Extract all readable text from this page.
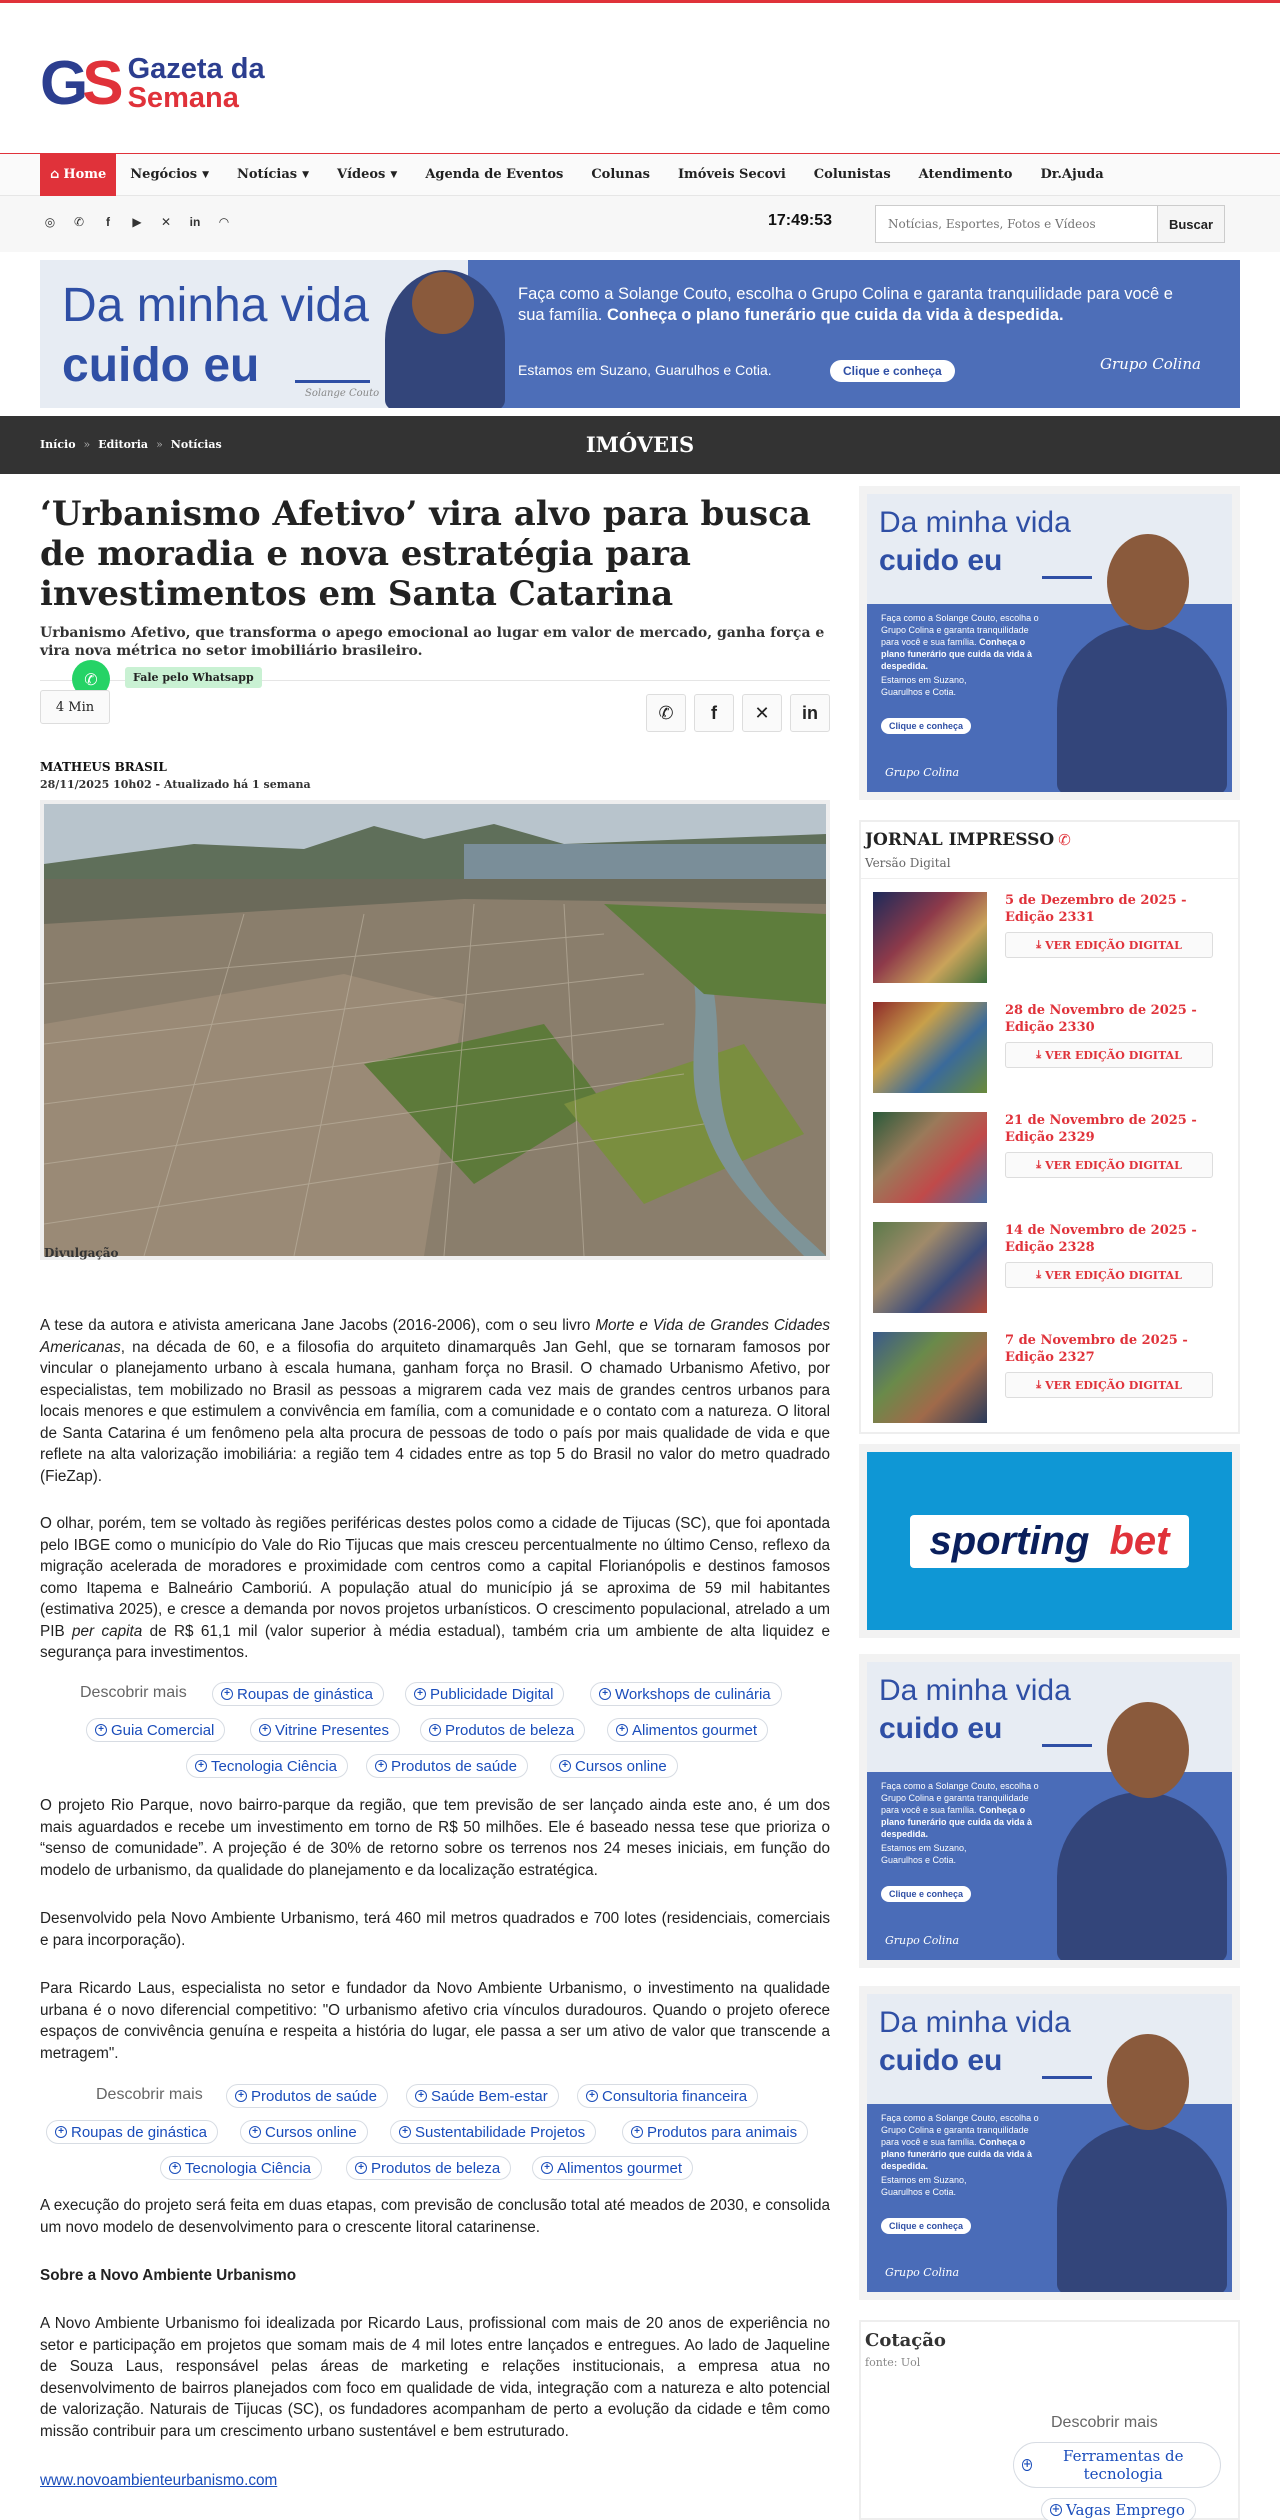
GS Gazeta da
Semana
⌂ Home Negócios ▼ Notícias ▼ Vídeos ▼	Agenda de Eventos	Colunas	Imóveis Secovi	Colunistas	Atendimento	Dr.Ajuda
◎ ✆	f	▶ ✕ in ◠	17:49:53
Notícias, Esportes, Fotos e Vídeos	Buscar
Da minha vida
cuido eu
Solange Couto
Faça como a Solange Couto, escolha o Grupo Colina e garanta tranquilidade para você e sua família. Conheça o plano funerário que cuida da vida à despedida.
Estamos em Suzano, Guarulhos e Cotia.	Clique e conheça	Grupo Colina
IMÓVEIS
Início » Editoria » Notícias
‘Urbanismo Afetivo’ vira alvo para busca de moradia e nova estratégia para investimentos em Santa Catarina
Urbanismo Afetivo, que transforma o apego emocional ao lugar em valor de mercado, ganha força e vira nova métrica no setor imobiliário brasileiro.
✆	Fale pelo Whatsapp
4 Min	✆	f	✕	in
MATHEUS BRASIL
28/11/2025 10h02 - Atualizado há 1 semana
Divulgação

A tese da autora e ativista americana Jane Jacobs (2016-2006), com o seu livro Morte e Vida de Grandes Cidades Americanas, na década de 60, e a filosofia do arquiteto dinamarquês Jan Gehl, que se tornaram famosos por vincular o planejamento urbano à escala humana, ganham força no Brasil. O chamado Urbanismo Afetivo, por especialistas, tem mobilizado no Brasil as pessoas a migrarem cada vez mais de grandes centros urbanos para locais menores e que estimulem a convivência em família, com a comunidade e o contato com a natureza. O litoral de Santa Catarina é um fenômeno pela alta procura de pessoas de todo o país por mais qualidade de vida e que reflete na alta valorização imobiliária: a região tem 4 cidades entre as top 5 do Brasil no valor do metro quadrado (FieZap).

O olhar, porém, tem se voltado às regiões periféricas destes polos como a cidade de Tijucas (SC), que foi apontada pelo IBGE como o município do Vale do Rio Tijucas que mais cresceu percentualmente no último Censo, reflexo da migração acelerada de moradores e proximidade com centros como a capital Florianópolis e destinos famosos como Itapema e Balneário Camboriú. A população atual do município já se aproxima de 59 mil habitantes (estimativa 2025), e cresce a demanda por novos projetos urbanísticos. O crescimento populacional, atrelado a um PIB per capita de R$ 61,1 mil (valor superior à média estadual), também cria um ambiente de alta liquidez e segurança para investimentos.

O projeto Rio Parque, novo bairro-parque da região, que tem previsão de ser lançado ainda este ano, é um dos mais aguardados e recebe um investimento em torno de R$ 50 milhões. Ele é baseado nessa tese que prioriza o “senso de comunidade”. A projeção é de 30% de retorno sobre os terrenos nos 24 meses iniciais, em função do modelo de urbanismo, da qualidade do planejamento e da localização estratégica.

Desenvolvido pela Novo Ambiente Urbanismo, terá 460 mil metros quadrados e 700 lotes (residenciais, comerciais e para incorporação).

Para Ricardo Laus, especialista no setor e fundador da Novo Ambiente Urbanismo, o investimento na qualidade urbana é o novo diferencial competitivo: "O urbanismo afetivo cria vínculos duradouros. Quando o projeto oferece espaços de convivência genuína e respeita a história do lugar, ele passa a ser um ativo de valor que transcende a metragem".

A execução do projeto será feita em duas etapas, com previsão de conclusão total até meados de 2030, e consolida um novo modelo de desenvolvimento para o crescente litoral catarinense.

Sobre a Novo Ambiente Urbanismo

A Novo Ambiente Urbanismo foi idealizada por Ricardo Laus, profissional com mais de 20 anos de experiência no setor e participação em projetos que somam mais de 4 mil lotes entre lançados e entregues. Ao lado de Jaqueline de Souza Laus, responsável pelas áreas de marketing e relações institucionais, a empresa atua no desenvolvimento de bairros planejados com foco em qualidade de vida, integração com a natureza e alto potencial de valorização. Naturais de Tijucas (SC), os fundadores acompanham de perto a evolução da cidade e têm como missão contribuir para um crescimento urbano sustentável e bem estruturado.

www.novoambienteurbanismo.com

Descobrir mais	+ Roupas de ginástica	+ Publicidade Digital	+ Workshops de culinária
+ Guia Comercial	+ Vitrine Presentes	+ Produtos de beleza	+ Alimentos gourmet
+ Tecnologia Ciência	+ Produtos de saúde	+ Cursos online
Descobrir mais	+ Produtos de saúde	+ Saúde Bem-estar	+ Consultoria financeira
+ Roupas de ginástica	+ Cursos online	+ Sustentabilidade Projetos	+ Produtos para animais
+ Tecnologia Ciência	+ Produtos de beleza	+ Alimentos gourmet
Da minha vida
cuido eu
Faça como a Solange Couto, escolha o Grupo Colina e garanta tranquilidade para você e sua família. Conheça o plano funerário que cuida da vida à despedida.
Estamos em Suzano, Guarulhos e Cotia.
Clique e conheça
Grupo Colina
JORNAL IMPRESSO ✆
Versão Digital
5 de Dezembro de 2025 - Edição 2331
⤓ VER EDIÇÃO DIGITAL
28 de Novembro de 2025 - Edição 2330
⤓ VER EDIÇÃO DIGITAL
21 de Novembro de 2025 - Edição 2329
⤓ VER EDIÇÃO DIGITAL
14 de Novembro de 2025 - Edição 2328
⤓ VER EDIÇÃO DIGITAL
7 de Novembro de 2025 - Edição 2327
⤓ VER EDIÇÃO DIGITAL
sporting bet
Da minha vida
cuido eu
Faça como a Solange Couto, escolha o Grupo Colina e garanta tranquilidade para você e sua família. Conheça o plano funerário que cuida da vida à despedida.
Estamos em Suzano, Guarulhos e Cotia.
Clique e conheça
Grupo Colina
Da minha vida
cuido eu
Faça como a Solange Couto, escolha o Grupo Colina e garanta tranquilidade para você e sua família. Conheça o plano funerário que cuida da vida à despedida.
Estamos em Suzano, Guarulhos e Cotia.
Clique e conheça
Grupo Colina
Cotação
fonte: Uol
Descobrir mais
+	Ferramentas de tecnologia
+ Vagas Emprego
